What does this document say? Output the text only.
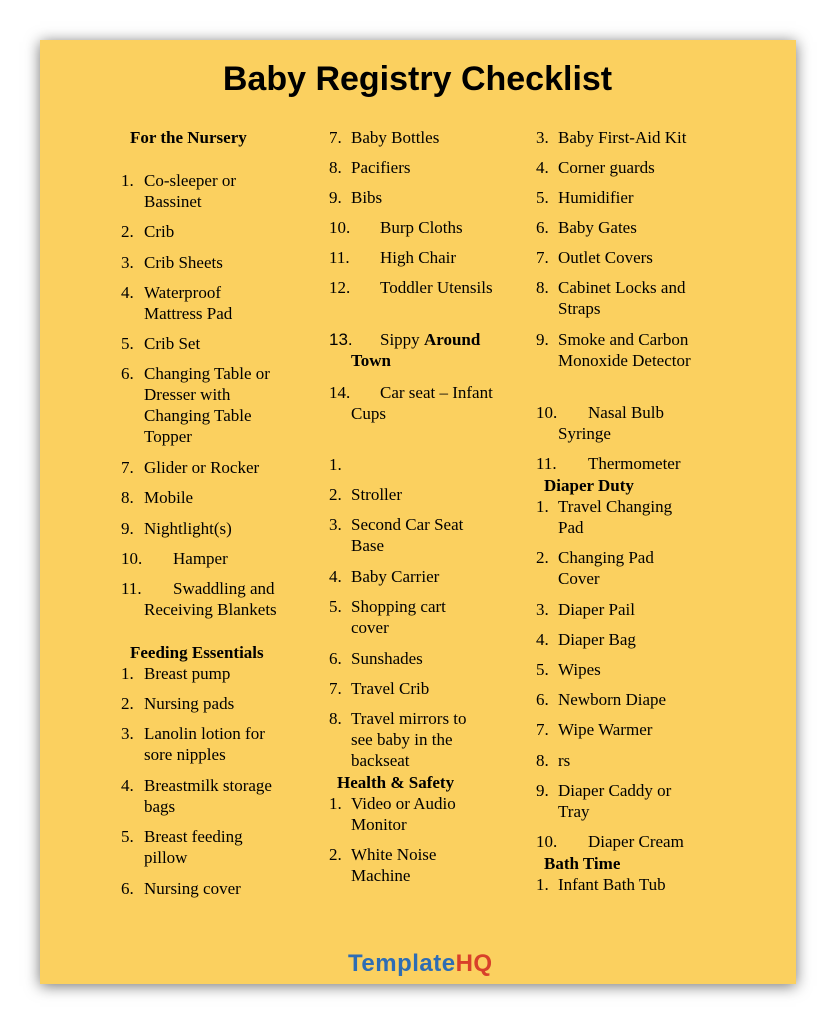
Baby Registry Checklist
For the Nursery
1. Co-sleeper or Bassinet
2. Crib
3. Crib Sheets
4. Waterproof Mattress Pad
5. Crib Set
6. Changing Table or Dresser with Changing Table Topper
7. Glider or Rocker
8. Mobile
9. Nightlight(s)
10. Hamper
Swaddling and Receiving Blankets
11.
Feeding Essentials
1. Breast pump
2. Nursing pads
3. Lanolin lotion for sore nipples
4. Breastmilk storage bags
5. Breast feeding pillow
6. Nursing cover
7. Baby Bottles
8. Pacifiers
9. Bibs
10. Burp Cloths
11. High Chair
12.	Toddler Utensils
13.	Sippy Around Town
14.	Car seat – Infant Cups
1.
2. Stroller
3. Second Car Seat Base
4. Baby Carrier
5. Shopping cart cover
6. Sunshades
7. Travel Crib
8. Travel mirrors to see baby in the backseat
Health & Safety
1. Video or Audio Monitor
2. White Noise Machine
3. Baby First-Aid Kit
4. Corner guards
5. Humidifier
6. Baby Gates
7. Outlet Covers
8. Cabinet Locks and Straps
9. Smoke and Carbon Monoxide Detector
10.	Nasal Bulb Syringe
11. Thermometer
Diaper Duty
1. Travel Changing Pad
2. Changing Pad Cover
3. Diaper Pail
4. Diaper Bag
5. Wipes
6. Newborn Diape
7. Wipe Warmer
8. rs
9. Diaper Caddy or Tray
10. Diaper Cream
Bath Time
1. Infant Bath Tub
TemplateHQ
